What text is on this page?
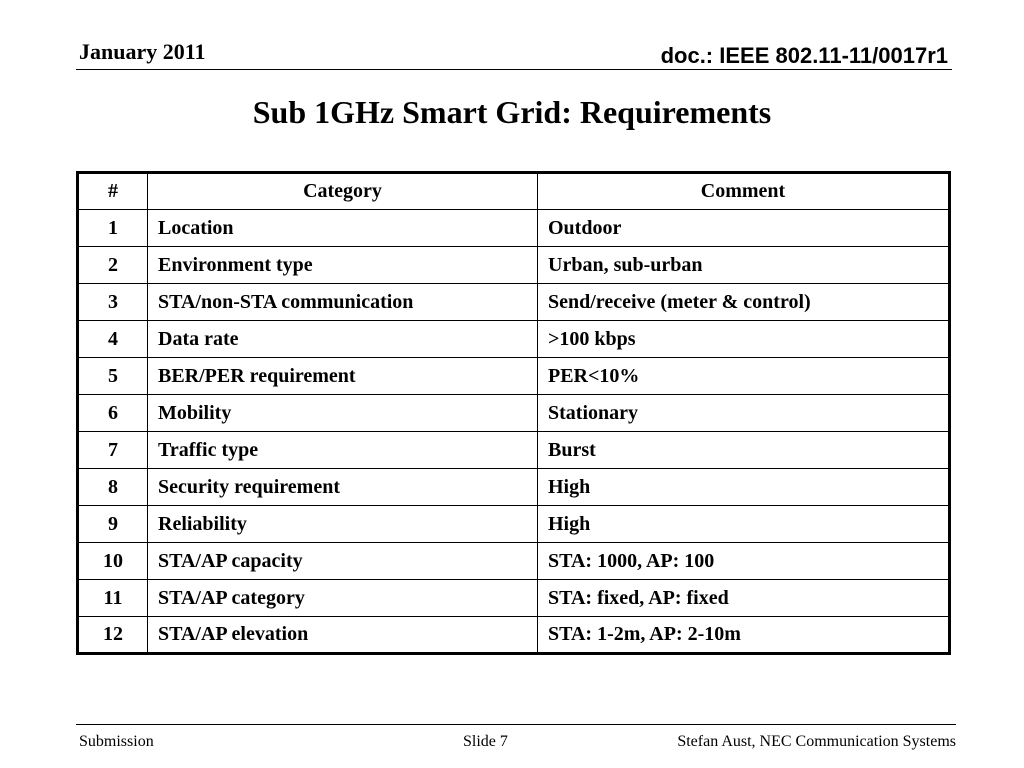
January 2011	doc.: IEEE 802.11-11/0017r1
Sub 1GHz Smart Grid: Requirements
#	Category	Comment
1	Location	Outdoor
2	Environment type	Urban, sub-urban
3	STA/non-STA communication	Send/receive (meter & control)
4	Data rate	>100 kbps
5	BER/PER requirement	PER<10%
6	Mobility	Stationary
7	Traffic type	Burst
8	Security requirement	High
9	Reliability	High
10	STA/AP capacity	STA: 1000, AP: 100
11	STA/AP category	STA: fixed, AP: fixed
12	STA/AP elevation	STA: 1-2m, AP: 2-10m
Submission	Slide 7	Stefan Aust, NEC Communication Systems
